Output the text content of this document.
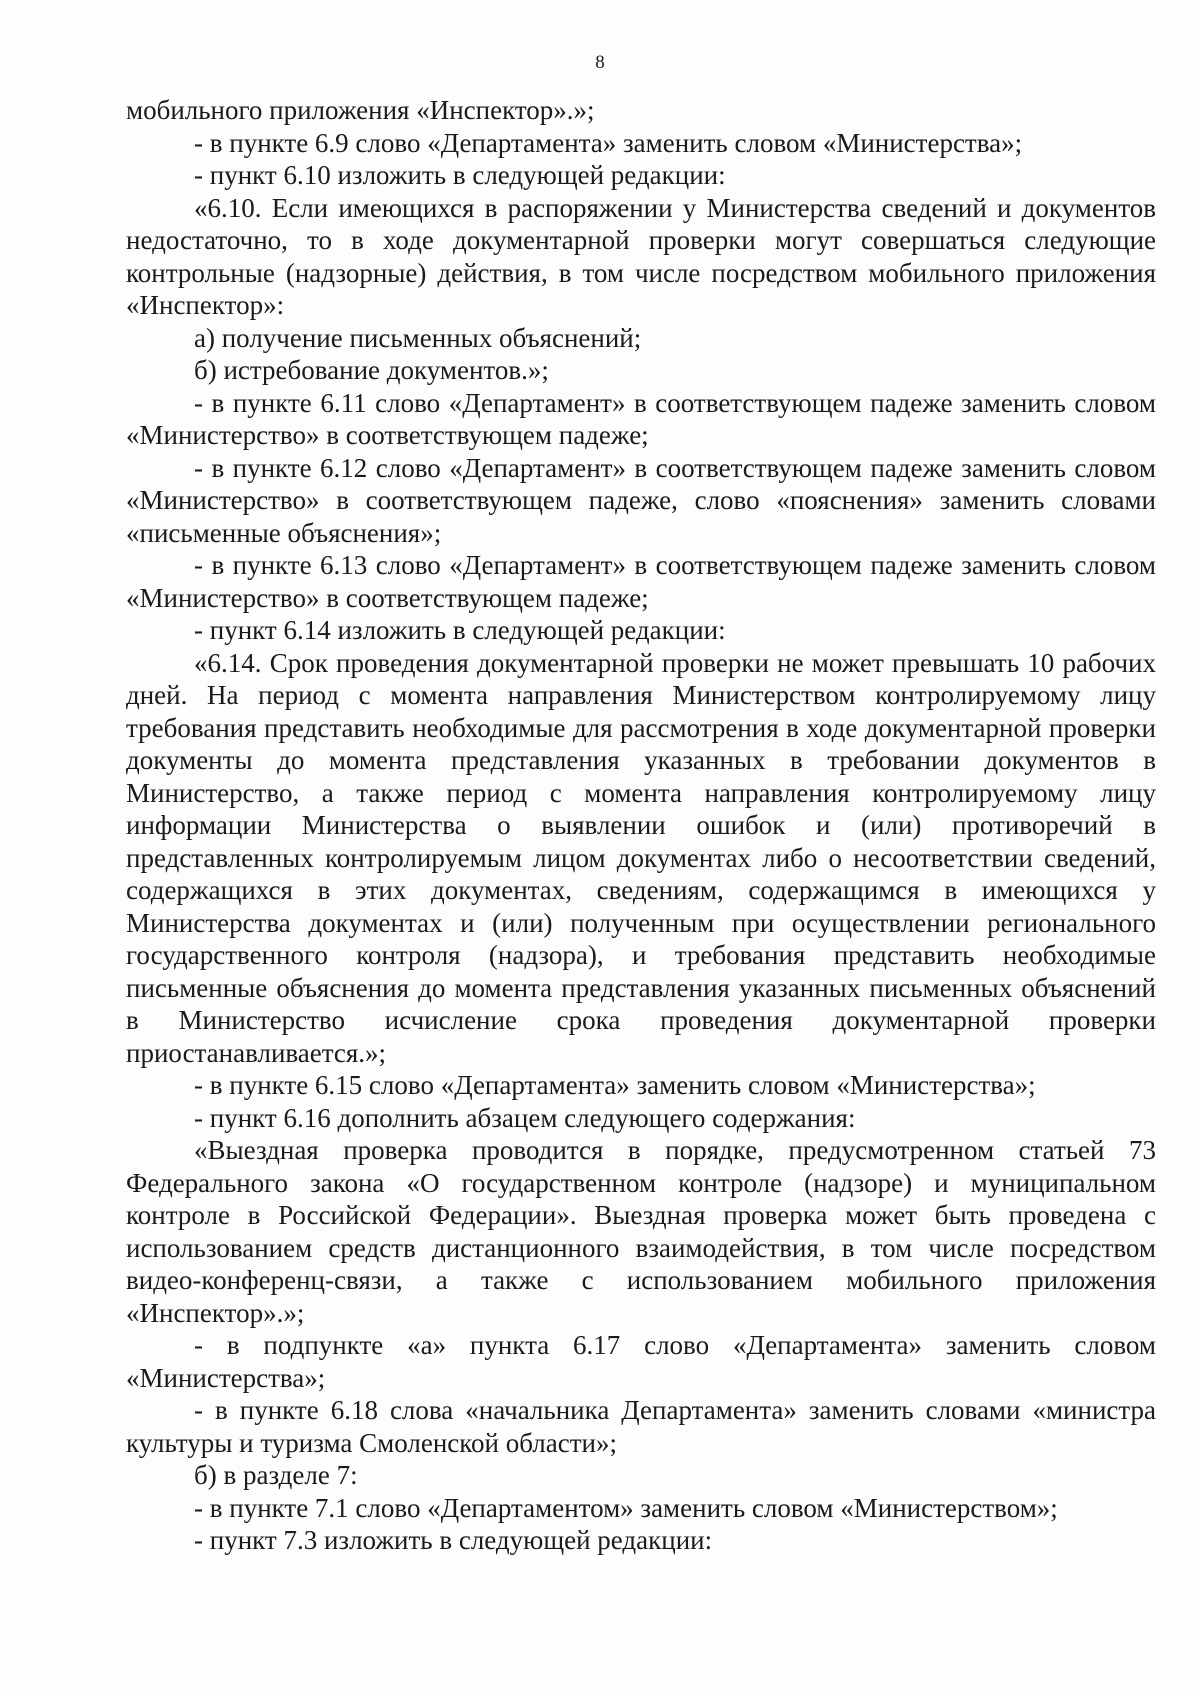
8

мобильного приложения «Инспектор».»;

- в пункте 6.9 слово «Департамента» заменить словом «Министерства»;

- пункт 6.10 изложить в следующей редакции:

«6.10. Если имеющихся в распоряжении у Министерства сведений и документов недостаточно, то в ходе документарной проверки могут совершаться следующие контрольные (надзорные) действия, в том числе посредством мобильного приложения «Инспектор»:

а) получение письменных объяснений;

б) истребование документов.»;

- в пункте 6.11 слово «Департамент» в соответствующем падеже заменить словом «Министерство» в соответствующем падеже;

- в пункте 6.12 слово «Департамент» в соответствующем падеже заменить словом «Министерство» в соответствующем падеже, слово «пояснения» заменить словами «письменные объяснения»;

- в пункте 6.13 слово «Департамент» в соответствующем падеже заменить словом «Министерство» в соответствующем падеже;

- пункт 6.14 изложить в следующей редакции:

«6.14. Срок проведения документарной проверки не может превышать 10 рабочих дней. На период с момента направления Министерством контролируемому лицу требования представить необходимые для рассмотрения в ходе документарной проверки документы до момента представления указанных в требовании документов в Министерство, а также период с момента направления контролируемому лицу информации Министерства о выявлении ошибок и (или) противоречий в представленных контролируемым лицом документах либо о несоответствии сведений, содержащихся в этих документах, сведениям, содержащимся в имеющихся у Министерства документах и (или) полученным при осуществлении регионального государственного контроля (надзора), и требования представить необходимые письменные объяснения до момента представления указанных письменных объяснений в Министерство исчисление срока проведения документарной проверки приостанавливается.»;

- в пункте 6.15 слово «Департамента» заменить словом «Министерства»;

- пункт 6.16 дополнить абзацем следующего содержания:

«Выездная проверка проводится в порядке, предусмотренном статьей 73 Федерального закона «О государственном контроле (надзоре) и муниципальном контроле в Российской Федерации». Выездная проверка может быть проведена с использованием средств дистанционного взаимодействия, в том числе посредством видео-конференц-связи, а также с использованием мобильного приложения «Инспектор».»;

- в подпункте «а» пункта 6.17 слово «Департамента» заменить словом «Министерства»;

- в пункте 6.18 слова «начальника Департамента» заменить словами «министра культуры и туризма Смоленской области»;

б) в разделе 7:

- в пункте 7.1 слово «Департаментом» заменить словом «Министерством»;

- пункт 7.3 изложить в следующей редакции:
